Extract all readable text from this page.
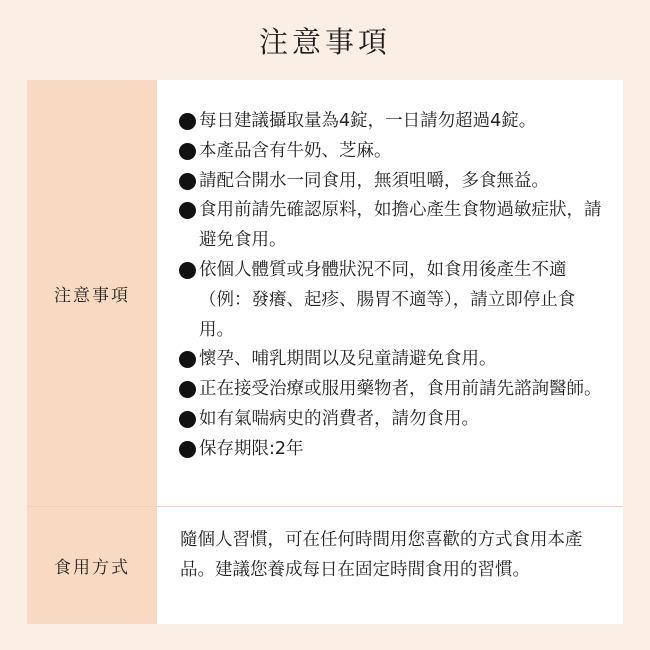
注意事項
注意事項
每日建議攝取量為4錠，一日請勿超過4錠。
本產品含有牛奶、芝麻。
請配合開水一同食用，無須咀嚼，多食無益。
食用前請先確認原料，如擔心產生食物過敏症狀，請避免食用。
依個人體質或身體狀況不同，如食用後產生不適（例：發癢、起疹、腸胃不適等），請立即停止食用。
懷孕、哺乳期間以及兒童請避免食用。
正在接受治療或服用藥物者，食用前請先諮詢醫師。
如有氣喘病史的消費者，請勿食用。
保存期限:2年
食用方式

隨個人習慣，可在任何時間用您喜歡的方式食用本產品。建議您養成每日在固定時間食用的習慣。
